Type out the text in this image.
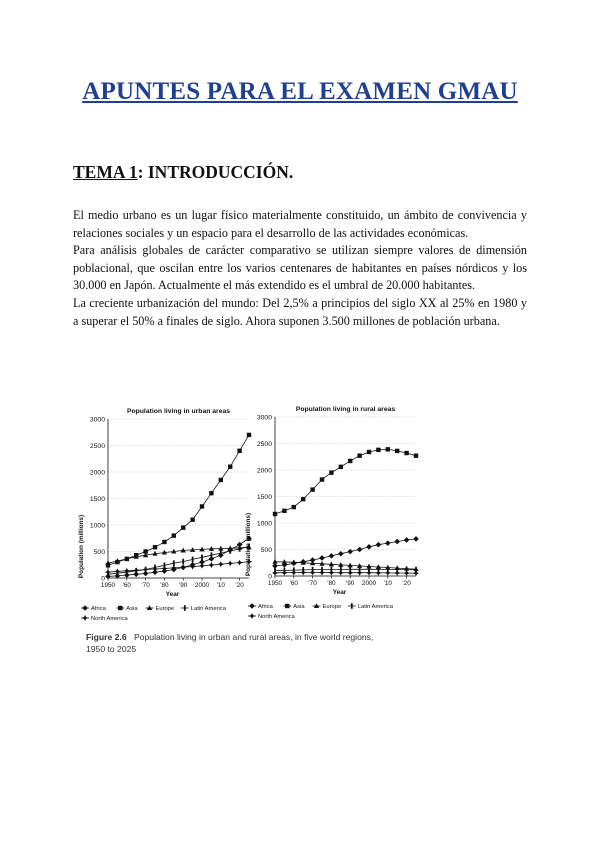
APUNTES PARA EL EXAMEN GMAU
TEMA 1: INTRODUCCIÓN.

El medio urbano es un lugar físico materialmente constituido, un ámbito de convivencia y relaciones sociales y un espacio para el desarrollo de las actividades económicas.

Para análisis globales de carácter comparativo se utilizan siempre valores de dimensión poblacional, que oscilan entre los varios centenares de habitantes en países nórdicos y los 30.000 en Japón. Actualmente el más extendido es el umbral de 20.000 habitantes.

La creciente urbanización del mundo: Del 2,5% a principios del siglo XX al 25% en 1980 y a superar el 50% a finales de siglo. Ahora suponen 3.500 millones de población urbana.

Population living in urban areas
0
500
1000
1500
2000
2500
3000
1950 '60 '70 '80 '90 2000 '10 '20
Year
Population (millions)
Africa	Asia	Europe	Latin America
North America
Population living in rural areas
0
500
1000
1500
2000
2500
3000
1950 '60 '70 '80 '90 2000 '10 '20
Year
Population (millions)
Africa	Asia	Europe	Latin America
North America
Figure 2.6 Population living in urban and rural areas, in five world regions,
1950 to 2025
